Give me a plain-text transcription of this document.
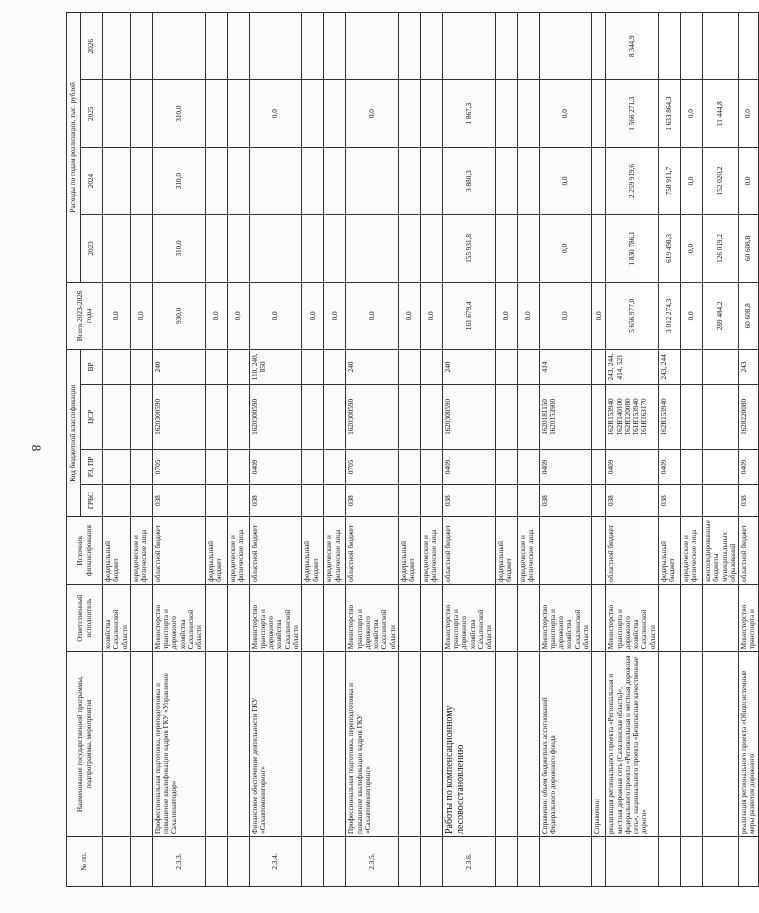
8
№ пп.	Наименование государственной программы, подпрограммы, мероприятия	Ответственный исполнитель	Источник финансирования	Код бюджетной классификации				Всего 2023-2026 годы	Расходы по годам реализации, тыс. рублей			
				ГРБС	РЗ, ПР	ЦСР	ВР		2023	2024	2025	2026
		хозяйства Сахалинской области	федеральный бюджет					0,0				
			юридические и физические лица					0,0				
2.3.3.	Профессиональная подготовка, переподготовка и повышение квалификации кадров ГКУ «Управление Сахалинавтодор»	Министерство транспорта и дорожного хозяйства Сахалинской области	областной бюджет	038	0705	1620300590	240	930,0	310,0	310,0	310,0	
			федеральный бюджет					0,0				
			юридические и физические лица					0,0				
2.3.4.	Финансовое обеспечение деятельности ГКУ «Сахавтомонигоринг»	Министерство транспорта и дорожного хозяйства Сахалинской области	областной бюджет	038	0409	1620300590	110, 240, 850	0,0			0,0	
			федеральный бюджет					0,0				
			юридические и физические лица					0,0				
2.3.5.	Профессиональная подготовка, переподготовка и повышение квалификации кадров ГКУ «Сахавтомонигоринг»	Министерство транспорта и дорожного хозяйства Сахалинской области	областной бюджет	038	0705	1620300590	240	0,0			0,0	
			федеральный бюджет					0,0				
			юридические и физические лица					0,0				
2.3.6.	Работы по компенсационному лесовосстановлению	Министерство транспорта и дорожного хозяйства Сахалинской области	областной бюджет	038	0409	1620300590	240	161 679,4	155 931,8	3 880,3	1 867,3	
			федеральный бюджет					0,0				
			юридические и физические лица					0,0				
	Справочно: объем бюджетных ассигнований Федерального дорожного фонда	Министерство транспорта и дорожного хозяйства Сахалинской области		038	0409	1620181150 1620153900	414	0,0	0,0	0,0	0,0	
	Справочно:							0,0				
	реализация регионального проекта «Региональная и местная дорожная сеть (Сахалинская область)», федерального проекта «Региональная и местная дорожная сеть», национального проекта «Безопасные качественные дороги»	Министерство транспорта и дорожного хозяйства Сахалинской области	областной бюджет	038	0409	162R153940 162R140100 162R120080 161R153940 161R163170	243, 244, 414, 521	5 656 977,0	1 830 786,1	2 259 919,6	1 566 271,3	8 344,9
			федеральный бюджет	038	0409	162R153940	243, 244	3 012 274,3	619 498,3	758 911,7	1 633 864,3	
			юридические и физические лица					0,0	0,0	0,0	0,0	
			консолидированные бюджеты муниципальных образований					289 484,2	126 019,2	152 020,2	11 444,8	
	реализация регионального проекта «Общесистемные меры развития дорожного	Министерство транспорта и	областной бюджет	038	0409	1628220080	243	60 608,8	60 608,8	0,0	0,0	
